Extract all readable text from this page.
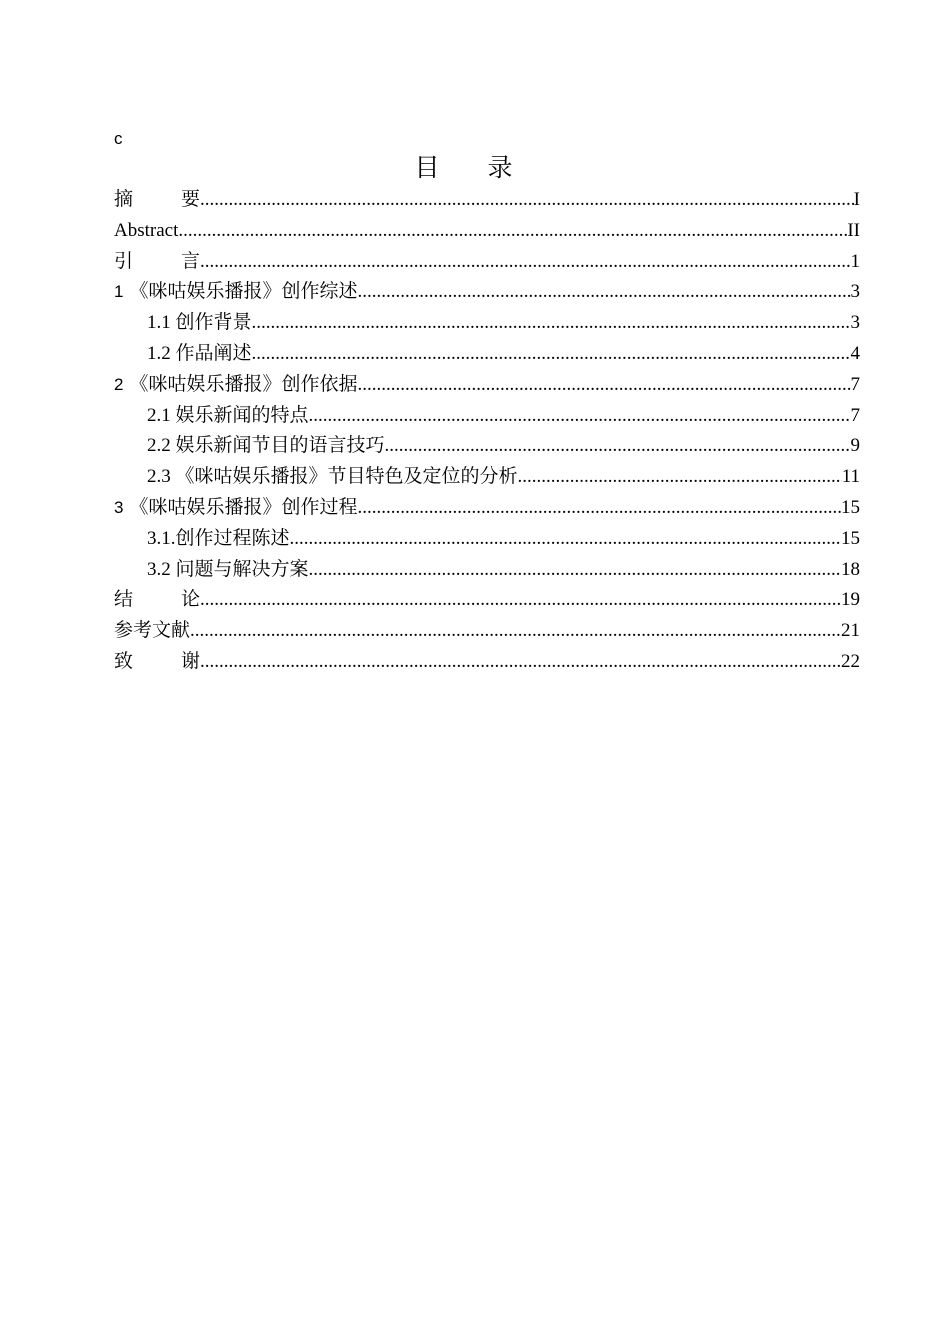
c
目录
摘要 .....	I
Abstract .....	II
引言 .....	1
1 《咪咕娱乐播报》创作综述 .....	3
1.1 创作背景 .....	3
1.2 作品阐述 .....	4
2 《咪咕娱乐播报》创作依据 .....	7
2.1 娱乐新闻的特点 .....	7
2.2 娱乐新闻节目的语言技巧 .....	9
2.3 《咪咕娱乐播报》节目特色及定位的分析 .....	11
3 《咪咕娱乐播报》创作过程 .....	15
3.1.创作过程陈述 .....	15
3.2 问题与解决方案 .....	18
结论 .....	19
参考文献 .....	21
致谢 .....	22
